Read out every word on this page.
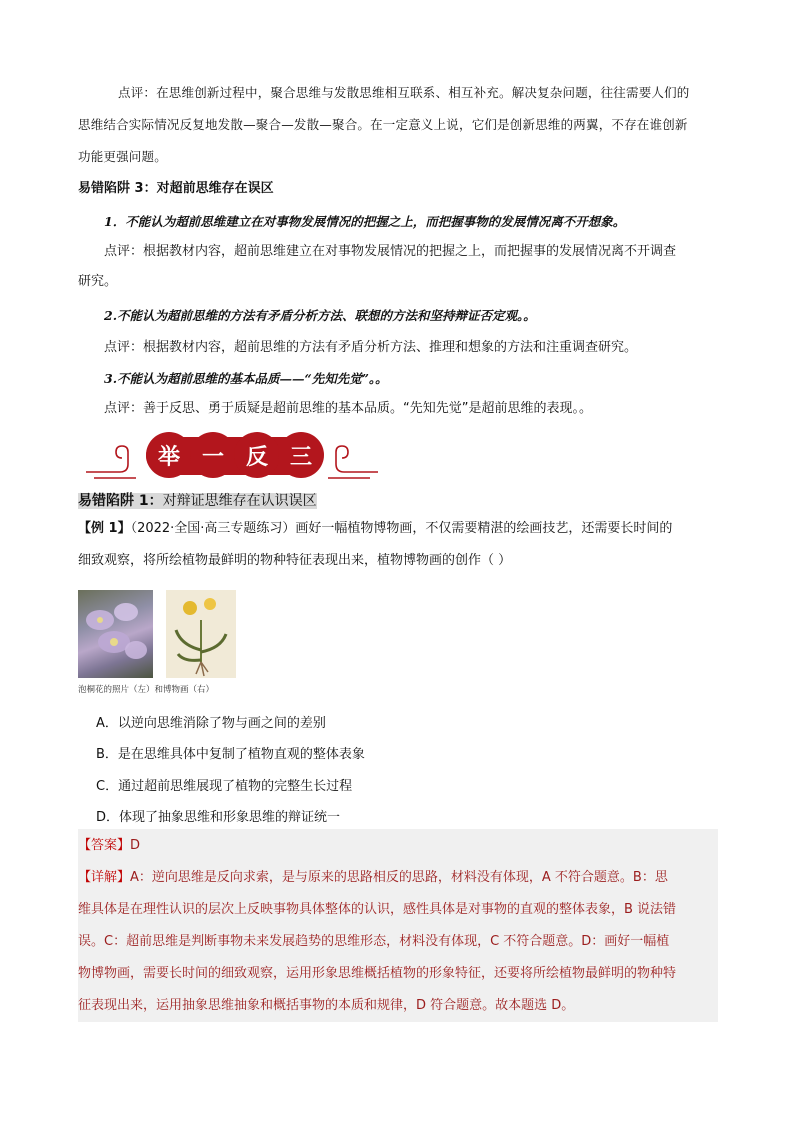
点评：在思维创新过程中，聚合思维与发散思维相互联系、相互补充。解决复杂问题，往往需要人们的
思维结合实际情况反复地发散—聚合—发散—聚合。在一定意义上说，它们是创新思维的两翼，不存在谁创新
功能更强问题。
易错陷阱 3：对超前思维存在误区
1．不能认为超前思维建立在对事物发展情况的把握之上，而把握事物的发展情况离不开想象。
点评：根据教材内容，超前思维建立在对事物发展情况的把握之上，而把握事的发展情况离不开调查
研究。
2.不能认为超前思维的方法有矛盾分析方法、联想的方法和坚持辩证否定观。。
点评：根据教材内容，超前思维的方法有矛盾分析方法、推理和想象的方法和注重调查研究。
3.不能认为超前思维的基本品质——“先知先觉”。。
点评：善于反思、勇于质疑是超前思维的基本品质。“先知先觉”是超前思维的表现。。
举 一 反 三
易错陷阱 1：对辩证思维存在认识误区
【例 1】（2022·全国·高三专题练习）画好一幅植物博物画，不仅需要精湛的绘画技艺，还需要长时间的
细致观察，将所绘植物最鲜明的物种特征表现出来，植物博物画的创作（ ）
泡桐花的照片（左）和博物画（右）
A．以逆向思维消除了物与画之间的差别
B．是在思维具体中复制了植物直观的整体表象
C．通过超前思维展现了植物的完整生长过程
D．体现了抽象思维和形象思维的辩证统一
【答案】D
【详解】A：逆向思维是反向求索，是与原来的思路相反的思路，材料没有体现，A 不符合题意。B：思
维具体是在理性认识的层次上反映事物具体整体的认识，感性具体是对事物的直观的整体表象，B 说法错
误。C：超前思维是判断事物未来发展趋势的思维形态，材料没有体现，C 不符合题意。D：画好一幅植
物博物画，需要长时间的细致观察，运用形象思维概括植物的形象特征，还要将所绘植物最鲜明的物种特
征表现出来，运用抽象思维抽象和概括事物的本质和规律，D 符合题意。故本题选 D。
